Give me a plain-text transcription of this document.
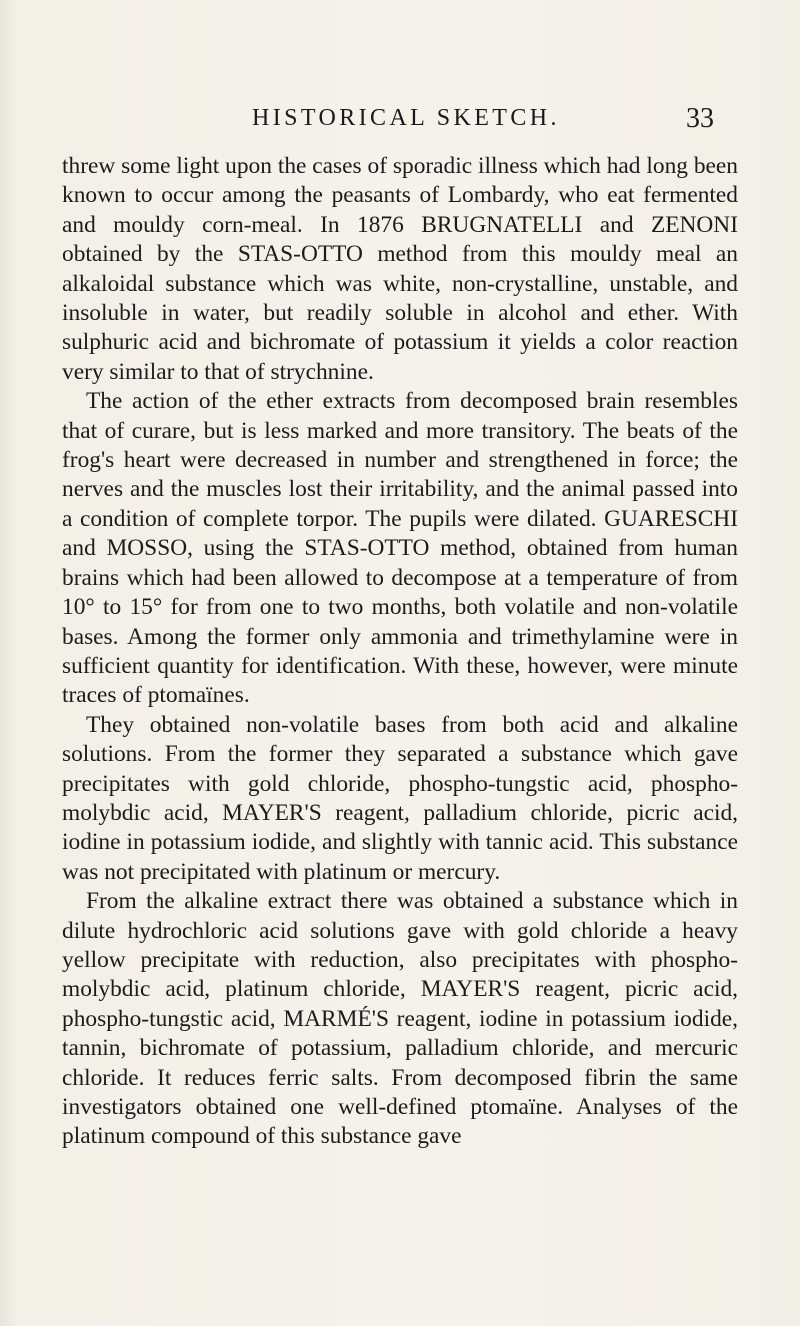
HISTORICAL SKETCH.	33

threw some light upon the cases of sporadic illness which had long been known to occur among the peasants of Lombardy, who eat fermented and mouldy corn-meal. In 1876 BRUGNATELLI and ZENONI obtained by the STAS-OTTO method from this mouldy meal an alkaloidal substance which was white, non-crystalline, unstable, and insoluble in water, but readily soluble in alcohol and ether. With sulphuric acid and bichromate of potassium it yields a color reaction very similar to that of strychnine.

The action of the ether extracts from decomposed brain resembles that of curare, but is less marked and more transitory. The beats of the frog's heart were decreased in number and strengthened in force; the nerves and the muscles lost their irritability, and the animal passed into a condition of complete torpor. The pupils were dilated. GUARESCHI and MOSSO, using the STAS-OTTO method, obtained from human brains which had been allowed to decompose at a temperature of from 10° to 15° for from one to two months, both volatile and non-volatile bases. Among the former only ammonia and trimethylamine were in sufficient quantity for identification. With these, however, were minute traces of ptomaïnes.

They obtained non-volatile bases from both acid and alkaline solutions. From the former they separated a substance which gave precipitates with gold chloride, phospho-tungstic acid, phospho-molybdic acid, MAYER'S reagent, palladium chloride, picric acid, iodine in potassium iodide, and slightly with tannic acid. This substance was not precipitated with platinum or mercury.

From the alkaline extract there was obtained a substance which in dilute hydrochloric acid solutions gave with gold chloride a heavy yellow precipitate with reduction, also precipitates with phospho-molybdic acid, platinum chloride, MAYER'S reagent, picric acid, phospho-tungstic acid, MARMÉ'S reagent, iodine in potassium iodide, tannin, bichromate of potassium, palladium chloride, and mercuric chloride. It reduces ferric salts. From decomposed fibrin the same investigators obtained one well-defined ptomaïne. Analyses of the platinum compound of this substance gave
